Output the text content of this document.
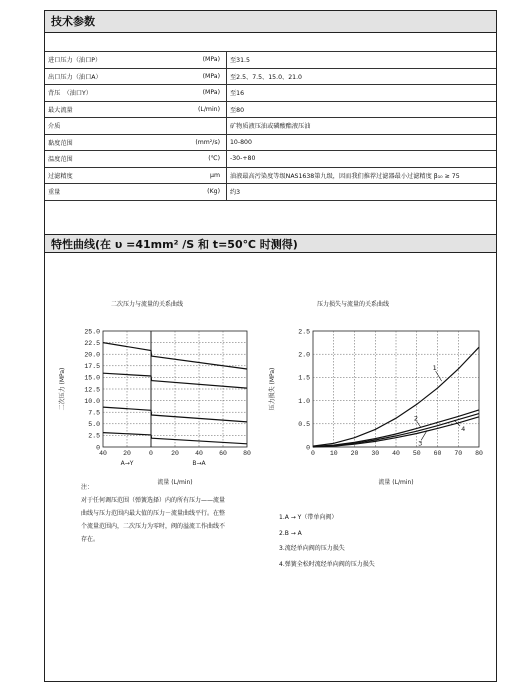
技术参数
进口压力（油口P）	(MPa)	至31.5
出口压力（油口A）	(MPa)	至2.5、7.5、15.0、21.0
背压　（油口Y）	(MPa)	至16
最大流量	(L/min)	至80
介质		矿物质液压油或磷酸酯液压油
黏度范围	(mm²/s)	10-800
温度范围	(℃)	-30-+80
过滤精度	μm	油液最高污染度等级NAS1638第九级，因而我们推荐过滤器最小过滤精度 β₁₀ ≥ 75
重量	(Kg)	约3
特性曲线(在 υ =41mm² /S 和 t=50℃ 时测得)
二次压力与流量的关系曲线
40 20	0	20 40 60 80
0
2.5
5.0
7.5
10.0
12.5
15.0
17.5
20.0
22.5
25.0
二次压力 (MPa)
流量 (L/min)
A→Y	B→A
压力损失与流量的关系曲线
0 10 20 30 40 50 60 70 80
0
0.5
1.0
1.5
2.0
2.5
1
2
3
4
压力损失 (MPa)
流量 (L/min)
注：
对于任何调压范围（弹簧选择）内的所有压力——流量
曲线与压力范围内最大值的压力－流量曲线平行。在整
个流量范围内，二次压力为零时，阀的溢流工作曲线不
存在。
1.A → Y（带单向阀）
2.B → A
3.流经单向阀的压力损失
4.弹簧全松时流经单向阀的压力损失
